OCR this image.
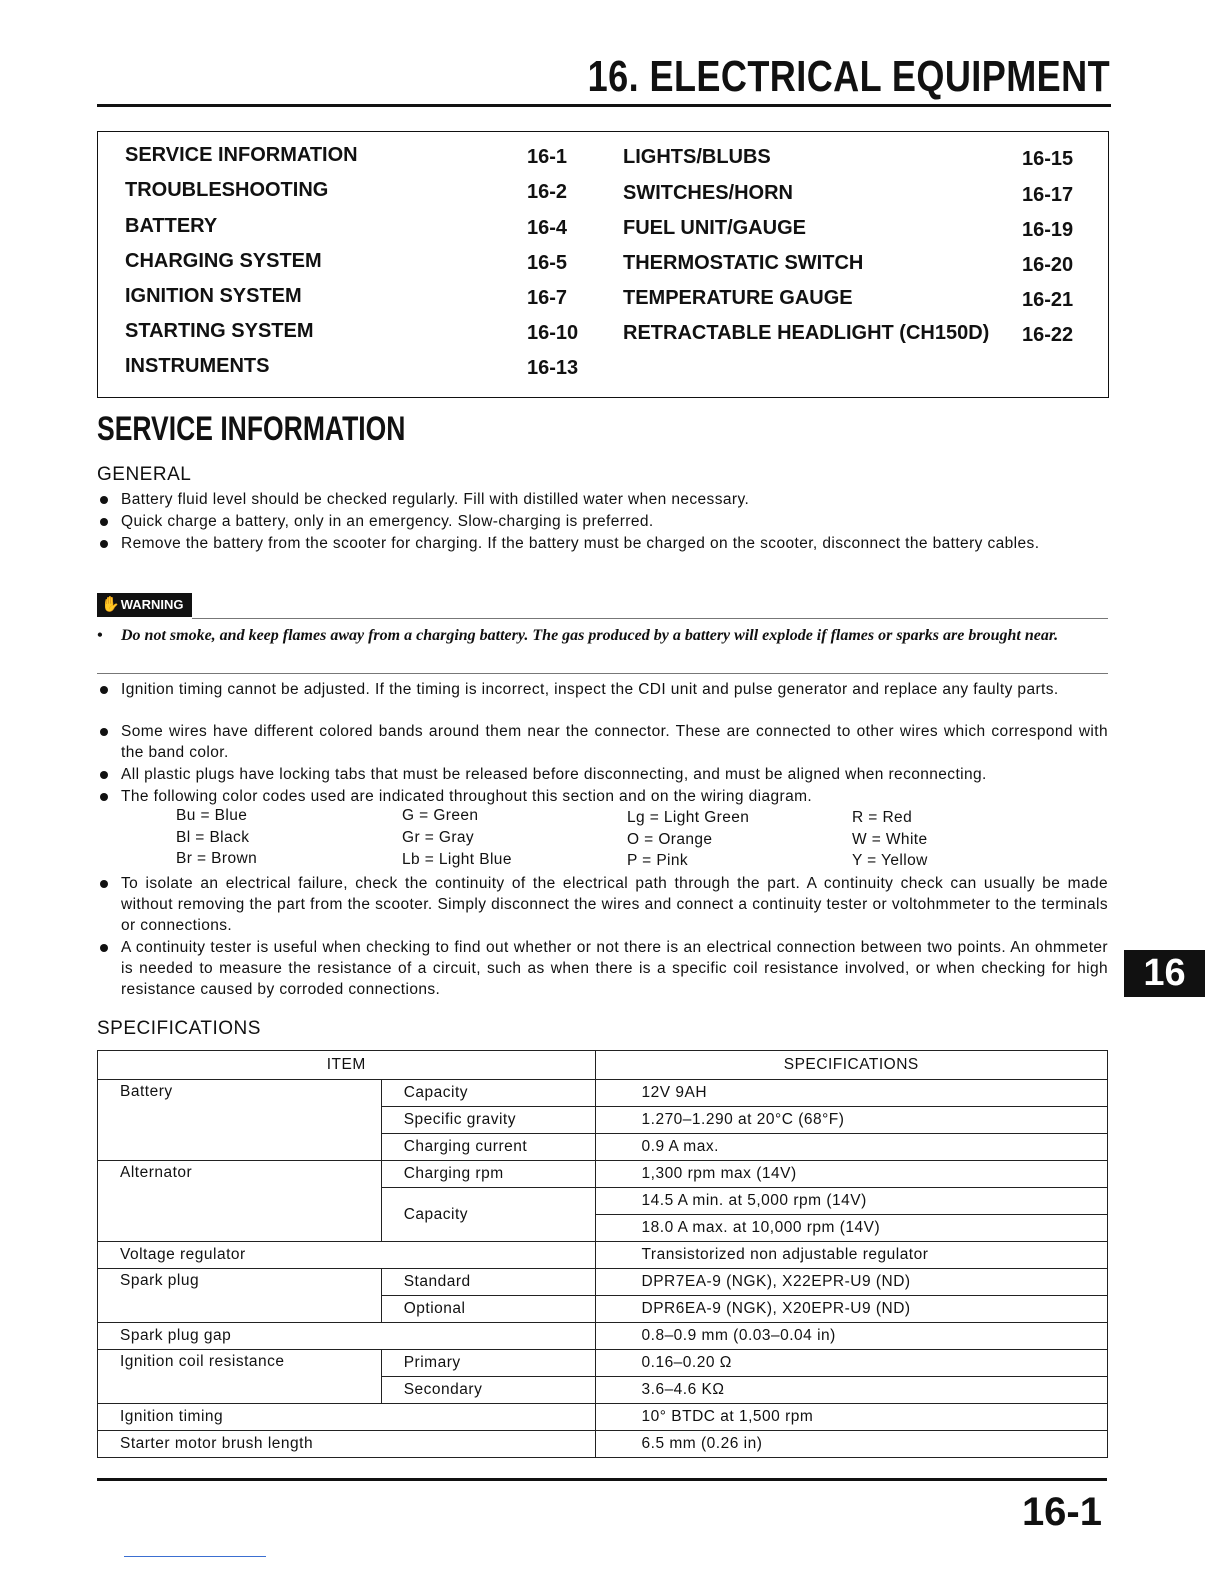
16. ELECTRICAL EQUIPMENT
SERVICE INFORMATION	16-1
TROUBLESHOOTING	16-2
BATTERY	16-4
CHARGING SYSTEM	16-5
IGNITION SYSTEM	16-7
STARTING SYSTEM	16-10
INSTRUMENTS	16-13
LIGHTS/BLUBS	16-15
SWITCHES/HORN	16-17
FUEL UNIT/GAUGE	16-19
THERMOSTATIC SWITCH	16-20
TEMPERATURE GAUGE	16-21
RETRACTABLE HEADLIGHT (CH150D) 16-22
SERVICE INFORMATION
GENERAL
Battery fluid level should be checked regularly. Fill with distilled water when necessary.
Quick charge a battery, only in an emergency. Slow-charging is preferred.
Remove the battery from the scooter for charging. If the battery must be charged on the scooter, disconnect the battery cables.
✋WARNING
• Do not smoke, and keep flames away from a charging battery. The gas produced by a battery will explode if flames or sparks are brought near.
Ignition timing cannot be adjusted. If the timing is incorrect, inspect the CDI unit and pulse generator and replace any faulty parts.
Some wires have different colored bands around them near the connector. These are connected to other wires which correspond with the band color.
All plastic plugs have locking tabs that must be released before disconnecting, and must be aligned when reconnecting.
The following color codes used are indicated throughout this section and on the wiring diagram.
Bu = Blue	G = Green	Lg = Light Green	R = Red
Bl = Black	Gr = Gray	O = Orange	W = White
Br = Brown	Lb = Light Blue	P = Pink	Y = Yellow
To isolate an electrical failure, check the continuity of the electrical path through the part. A continuity check can usually be made without removing the part from the scooter. Simply disconnect the wires and connect a continuity tester or voltohmmeter to the terminals or connections.
A continuity tester is useful when checking to find out whether or not there is an electrical connection between two points. An ohmmeter is needed to measure the resistance of a circuit, such as when there is a specific coil resistance involved, or when checking for high resistance caused by corroded connections.	16
SPECIFICATIONS
ITEM		SPECIFICATIONS
Battery	Capacity	12V 9AH
	Specific gravity	1.270–1.290 at 20°C (68°F)
	Charging current	0.9 A max.
Alternator	Charging rpm	1,300 rpm max (14V)
	Capacity	14.5 A min. at 5,000 rpm (14V)
		18.0 A max. at 10,000 rpm (14V)
Voltage regulator		Transistorized non adjustable regulator
Spark plug	Standard	DPR7EA-9 (NGK), X22EPR-U9 (ND)
	Optional	DPR6EA-9 (NGK), X20EPR-U9 (ND)
Spark plug gap		0.8–0.9 mm (0.03–0.04 in)
Ignition coil resistance	Primary	0.16–0.20 Ω
	Secondary	3.6–4.6 KΩ
Ignition timing		10° BTDC at 1,500 rpm
Starter motor brush length		6.5 mm (0.26 in)
16-1
